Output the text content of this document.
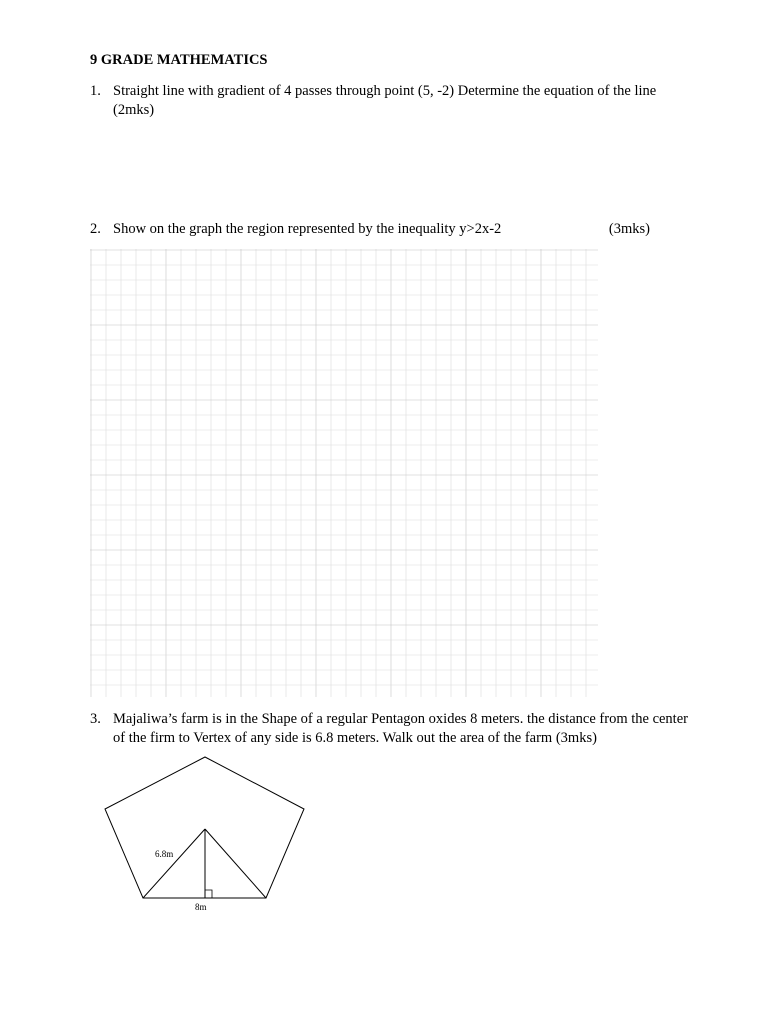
9 GRADE MATHEMATICS
1. Straight line with gradient of 4 passes through point (5, -2) Determine the equation of the line (2mks)
2. Show on the graph the region represented by the inequality y>2x-2	(3mks)
3. Majaliwa’s farm is in the Shape of a regular Pentagon oxides 8 meters. the distance from the center of the firm to Vertex of any side is 6.8 meters. Walk out the area of the farm (3mks)
6.8m
8m
